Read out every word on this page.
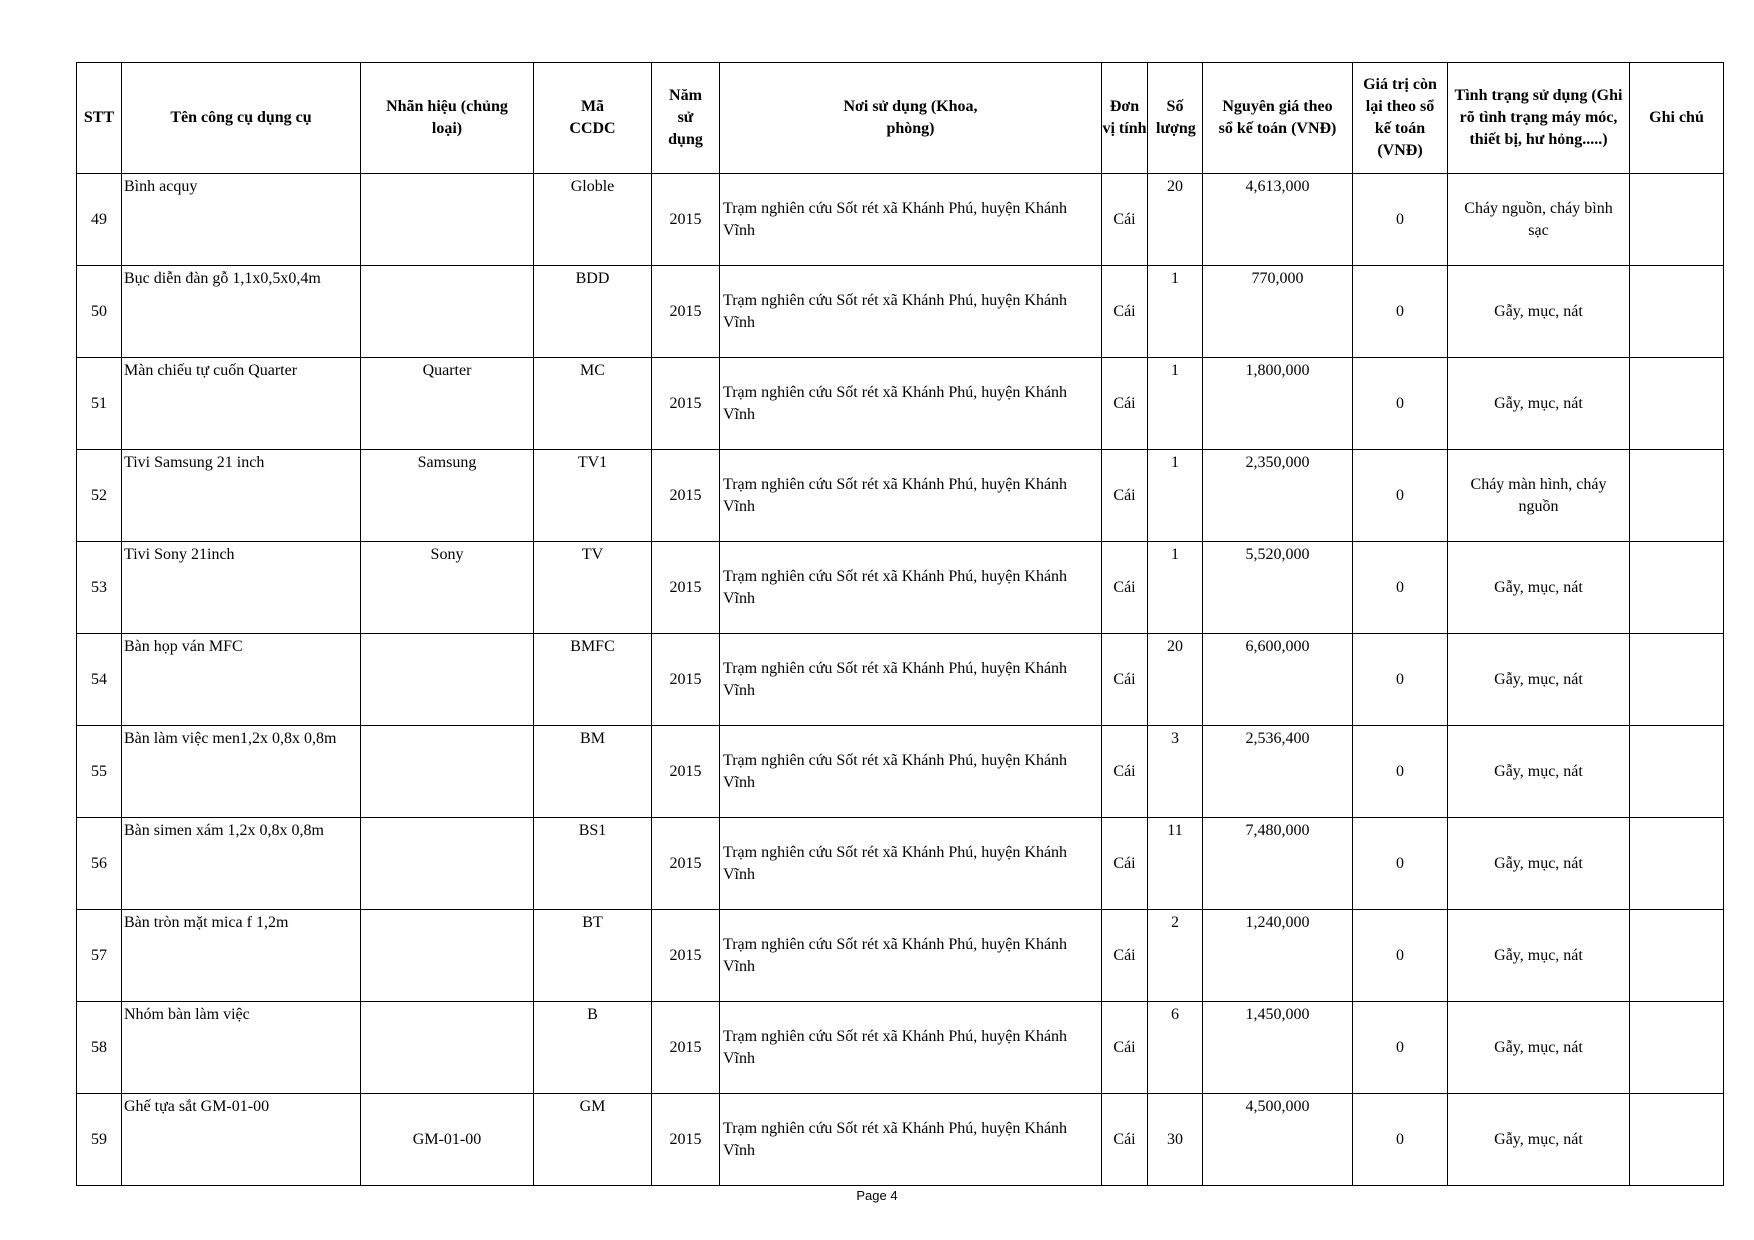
STT	Tên công cụ dụng cụ	Nhãn hiệu (chủng loại)	Mã CCDC	Năm sử dụng	Nơi sử dụng (Khoa, phòng)	Đơn vị tính	Số lượng	Nguyên giá theo sổ kế toán (VNĐ)	Giá trị còn lại theo sổ kế toán (VNĐ)	Tình trạng sử dụng (Ghi rõ tình trạng máy móc, thiết bị, hư hỏng.....)	Ghi chú
49	Bình acquy		Globle	2015	Trạm nghiên cứu Sốt rét xã Khánh Phú, huyện Khánh Vĩnh	Cái	20	4,613,000	0	Cháy nguồn, cháy bình sạc	
50	Bục diễn đàn gỗ 1,1x0,5x0,4m		BDD	2015	Trạm nghiên cứu Sốt rét xã Khánh Phú, huyện Khánh Vĩnh	Cái	1	770,000	0	Gẫy, mục, nát	
51	Màn chiếu tự cuốn Quarter	Quarter	MC	2015	Trạm nghiên cứu Sốt rét xã Khánh Phú, huyện Khánh Vĩnh	Cái	1	1,800,000	0	Gẫy, mục, nát	
52	Tivi Samsung 21 inch	Samsung	TV1	2015	Trạm nghiên cứu Sốt rét xã Khánh Phú, huyện Khánh Vĩnh	Cái	1	2,350,000	0	Cháy màn hình, cháy nguồn	
53	Tivi Sony 21inch	Sony	TV	2015	Trạm nghiên cứu Sốt rét xã Khánh Phú, huyện Khánh Vĩnh	Cái	1	5,520,000	0	Gẫy, mục, nát	
54	Bàn họp ván MFC		BMFC	2015	Trạm nghiên cứu Sốt rét xã Khánh Phú, huyện Khánh Vĩnh	Cái	20	6,600,000	0	Gẫy, mục, nát	
55	Bàn làm việc men1,2x 0,8x 0,8m		BM	2015	Trạm nghiên cứu Sốt rét xã Khánh Phú, huyện Khánh Vĩnh	Cái	3	2,536,400	0	Gẫy, mục, nát	
56	Bàn simen xám 1,2x 0,8x 0,8m		BS1	2015	Trạm nghiên cứu Sốt rét xã Khánh Phú, huyện Khánh Vĩnh	Cái	11	7,480,000	0	Gẫy, mục, nát	
57	Bàn tròn mặt mica f 1,2m		BT	2015	Trạm nghiên cứu Sốt rét xã Khánh Phú, huyện Khánh Vĩnh	Cái	2	1,240,000	0	Gẫy, mục, nát	
58	Nhóm bàn làm việc		B	2015	Trạm nghiên cứu Sốt rét xã Khánh Phú, huyện Khánh Vĩnh	Cái	6	1,450,000	0	Gẫy, mục, nát	
59	Ghế tựa sắt GM-01-00	GM-01-00	GM	2015	Trạm nghiên cứu Sốt rét xã Khánh Phú, huyện Khánh Vĩnh	Cái	30	4,500,000	0	Gẫy, mục, nát	
Page 4
